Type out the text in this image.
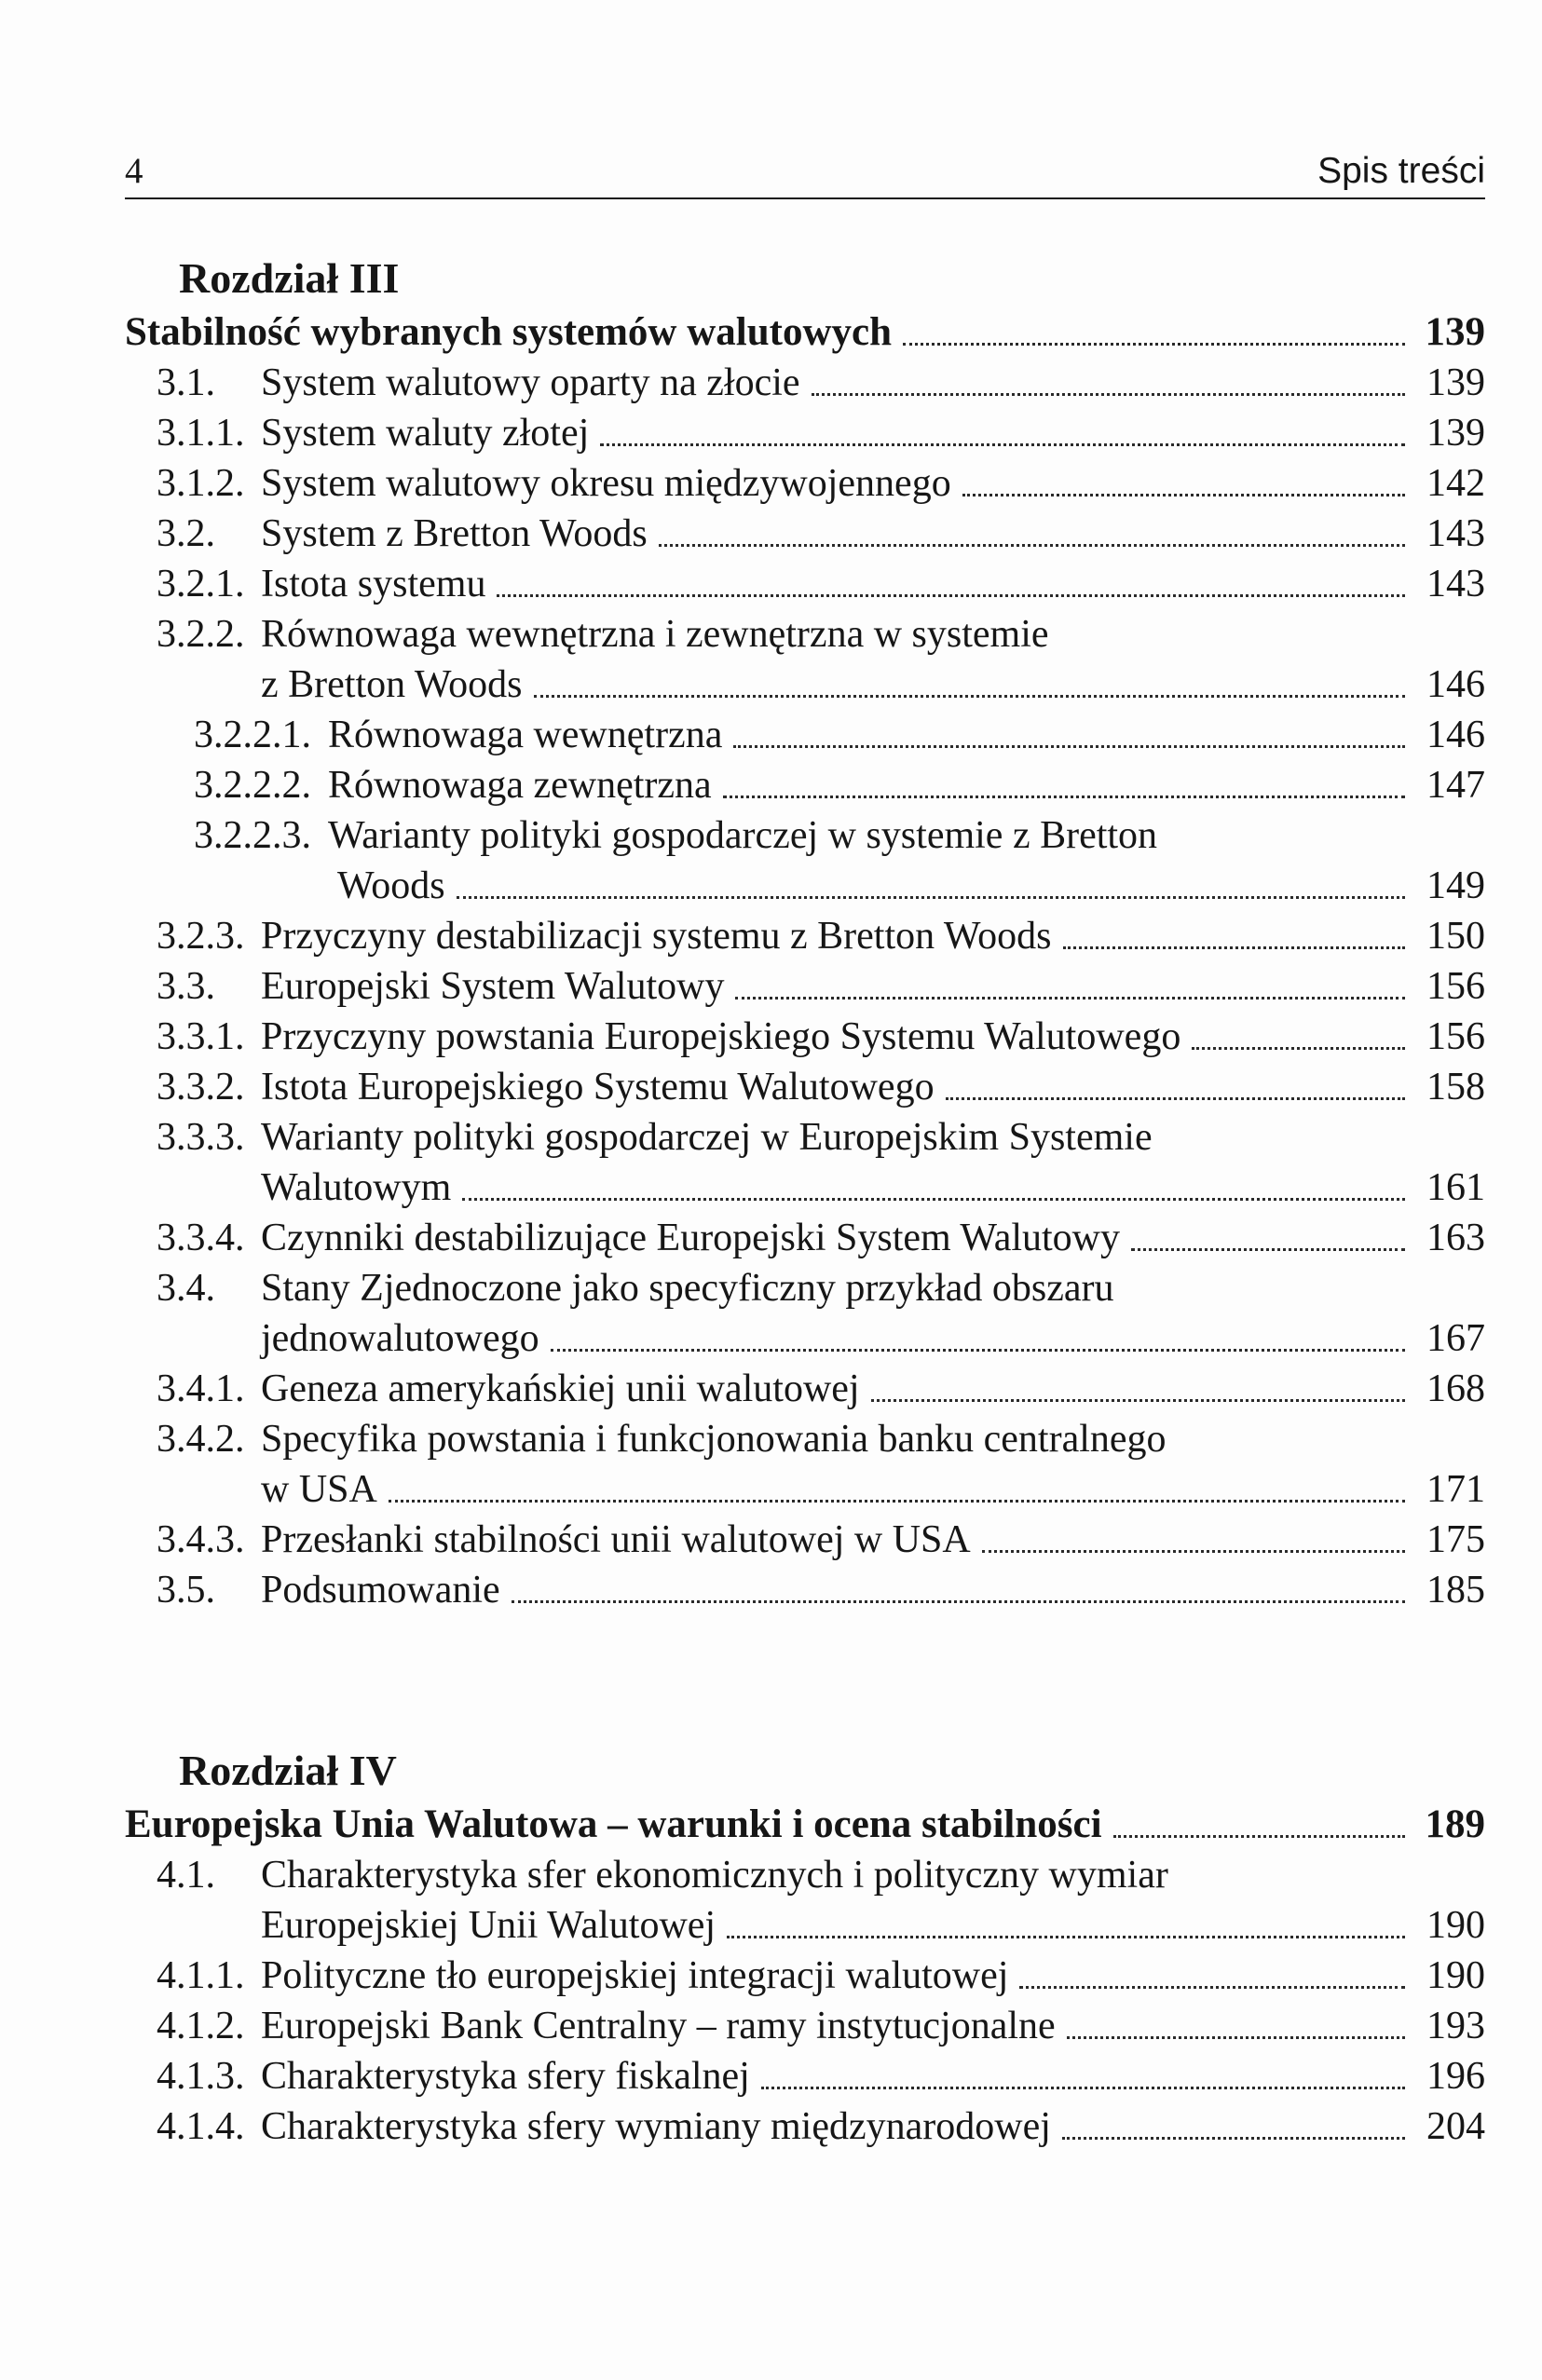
4	Spis treści
Rozdział III
Stabilność wybranych systemów walutowych	139
3.1. System walutowy oparty na złocie	139
3.1.1. System waluty złotej	139
3.1.2. System walutowy okresu międzywojennego	142
3.2. System z Bretton Woods	143
3.2.1. Istota systemu	143
3.2.2. Równowaga wewnętrzna i zewnętrzna w systemie
z Bretton Woods	146
3.2.2.1. Równowaga wewnętrzna	146
3.2.2.2. Równowaga zewnętrzna	147
3.2.2.3. Warianty polityki gospodarczej w systemie z Bretton
Woods	149
3.2.3. Przyczyny destabilizacji systemu z Bretton Woods	150
3.3. Europejski System Walutowy	156
3.3.1. Przyczyny powstania Europejskiego Systemu Walutowego	156
3.3.2. Istota Europejskiego Systemu Walutowego	158
3.3.3. Warianty polityki gospodarczej w Europejskim Systemie
Walutowym	161
3.3.4. Czynniki destabilizujące Europejski System Walutowy	163
3.4. Stany Zjednoczone jako specyficzny przykład obszaru
jednowalutowego	167
3.4.1. Geneza amerykańskiej unii walutowej	168
3.4.2. Specyfika powstania i funkcjonowania banku centralnego
w USA	171
3.4.3. Przesłanki stabilności unii walutowej w USA	175
3.5. Podsumowanie	185
Rozdział IV
Europejska Unia Walutowa – warunki i ocena stabilności	189
4.1. Charakterystyka sfer ekonomicznych i polityczny wymiar
Europejskiej Unii Walutowej	190
4.1.1. Polityczne tło europejskiej integracji walutowej	190
4.1.2. Europejski Bank Centralny – ramy instytucjonalne	193
4.1.3. Charakterystyka sfery fiskalnej	196
4.1.4. Charakterystyka sfery wymiany międzynarodowej	204
